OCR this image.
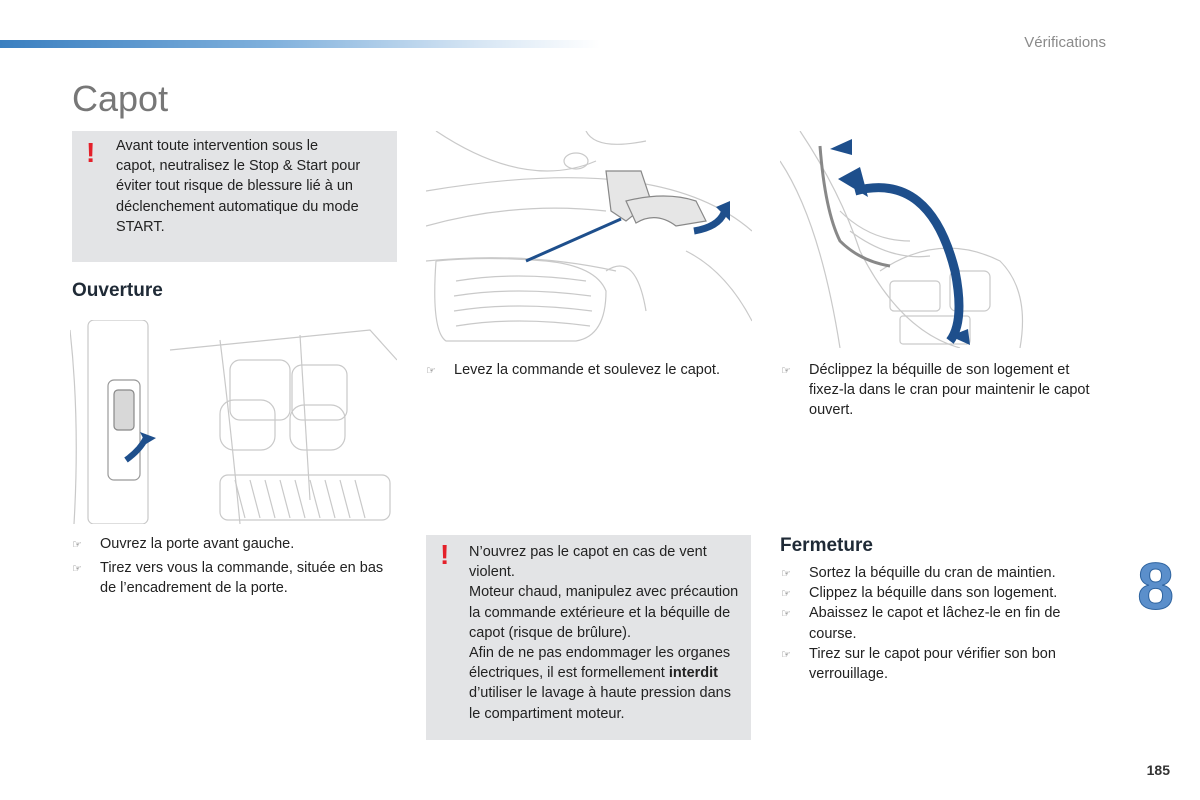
Vérifications
Capot
! Avant toute intervention sous le

capot, neutralisez le Stop & Start pour

éviter tout risque de blessure lié à un

déclenchement automatique du mode

START.

Ouverture
☞ Ouvrez la porte avant gauche.
☞ Tirez vers vous la commande, située en bas de l’encadrement de la porte.
☞ Levez la commande et soulevez le capot.	☞ Déclippez la béquille de son logement et fixez-la dans le cran pour maintenir le capot ouvert.
! N’ouvrez pas le capot en cas de vent violent.

Moteur chaud, manipulez avec précaution la commande extérieure et la béquille de capot (risque de brûlure).

Afin de ne pas endommager les organes électriques, il est formellement interdit d’utiliser le lavage à haute pression dans le compartiment moteur.

Fermeture
☞ Sortez la béquille du cran de maintien.
☞ Clippez la béquille dans son logement.
☞ Abaissez le capot et lâchez-le en fin de course.
☞ Tirez sur le capot pour vérifier son bon verrouillage.
8
185
